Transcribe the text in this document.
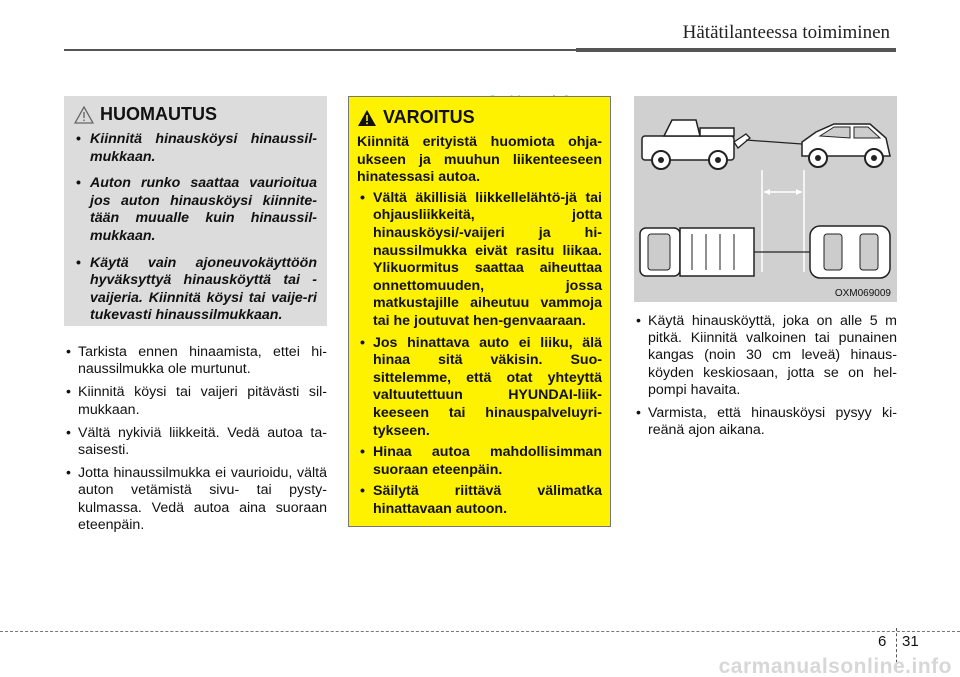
Hätätilanteessa toimiminen
HUOMAUTUS
• Kiinnitä hinausköysi hinaussil-mukkaan.
• Auton runko saattaa vaurioitua jos auton hinausköysi kiinnite-tään muualle kuin hinaussil-mukkaan.
• Käytä vain ajoneuvokäyttöön hyväksyttyä hinausköyttä tai -vaijeria. Kiinnitä köysi tai vaije-ri tukevasti hinaussilmukkaan.
• Tarkista ennen hinaamista, ettei hi-naussilmukka ole murtunut.
• Kiinnitä köysi tai vaijeri pitävästi sil-mukkaan.
• Vältä nykiviä liikkeitä. Vedä autoa ta-saisesti.
• Jotta hinaussilmukka ei vaurioidu, vältä auton vetämistä sivu- tai pysty-kulmassa. Vedä autoa aina suoraan eteenpäin.
VAROITUS

Kiinnitä erityistä huomiota ohja-ukseen ja muuhun liikenteeseen hinatessasi autoa.

• Vältä äkillisiä liikkellelähtö-jä tai ohjausliikkeitä, jotta hinausköysi/-vaijeri ja hi-naussilmukka eivät rasitu liikaa. Ylikuormitus saattaa aiheuttaa onnettomuuden, jossa matkustajille aiheutuu vammoja tai he joutuvat hen-genvaaraan.
• Jos hinattava auto ei liiku, älä hinaa sitä väkisin. Suo-sittelemme, että otat yhteyttä valtuutettuun HYUNDAI-liik-keeseen tai hinauspalveluyri-tykseen.
• Hinaa autoa mahdollisimman suoraan eteenpäin.
• Säilytä riittävä välimatka hinattavaan autoon.
OXM069009
• Käytä hinausköyttä, joka on alle 5 m pitkä. Kiinnitä valkoinen tai punainen kangas (noin 30 cm leveä) hinaus-köyden keskiosaan, jotta se on hel-pompi havaita.
• Varmista, että hinausköysi pysyy ki-reänä ajon aikana.
6 31
carmanualsonline.info
